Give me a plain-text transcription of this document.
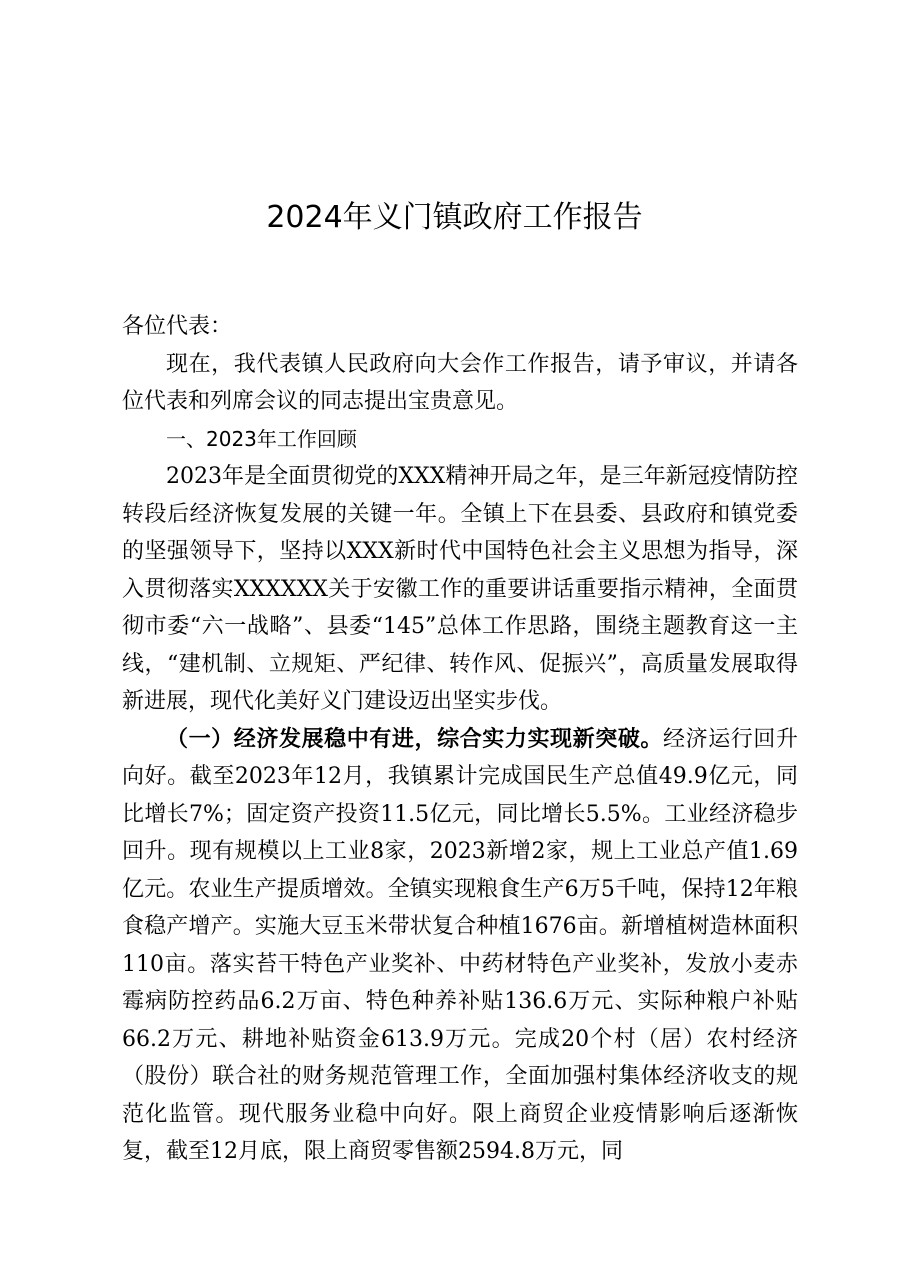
2024年义门镇政府工作报告

各位代表：

现在，我代表镇人民政府向大会作工作报告，请予审议，并请各位代表和列席会议的同志提出宝贵意见。

一、2023年工作回顾

2023年是全面贯彻党的XXX精神开局之年，是三年新冠疫情防控转段后经济恢复发展的关键一年。全镇上下在县委、县政府和镇党委的坚强领导下，坚持以XXX新时代中国特色社会主义思想为指导，深入贯彻落实XXXXXX关于安徽工作的重要讲话重要指示精神，全面贯彻市委“六一战略”、县委“145”总体工作思路，围绕主题教育这一主线，“建机制、立规矩、严纪律、转作风、促振兴”，高质量发展取得新进展，现代化美好义门建设迈出坚实步伐。

（一）经济发展稳中有进，综合实力实现新突破。经济运行回升向好。截至2023年12月，我镇累计完成国民生产总值49.9亿元，同比增长7%；固定资产投资11.5亿元，同比增长5.5%。工业经济稳步回升。现有规模以上工业8家，2023新增2家，规上工业总产值1.69亿元。农业生产提质增效。全镇实现粮食生产6万5千吨，保持12年粮食稳产增产。实施大豆玉米带状复合种植1676亩。新增植树造林面积110亩。落实苔干特色产业奖补、中药材特色产业奖补，发放小麦赤霉病防控药品6.2万亩、特色种养补贴136.6万元、实际种粮户补贴66.2万元、耕地补贴资金613.9万元。完成20个村（居）农村经济（股份）联合社的财务规范管理工作，全面加强村集体经济收支的规范化监管。现代服务业稳中向好。限上商贸企业疫情影响后逐渐恢复，截至12月底，限上商贸零售额2594.8万元，同
